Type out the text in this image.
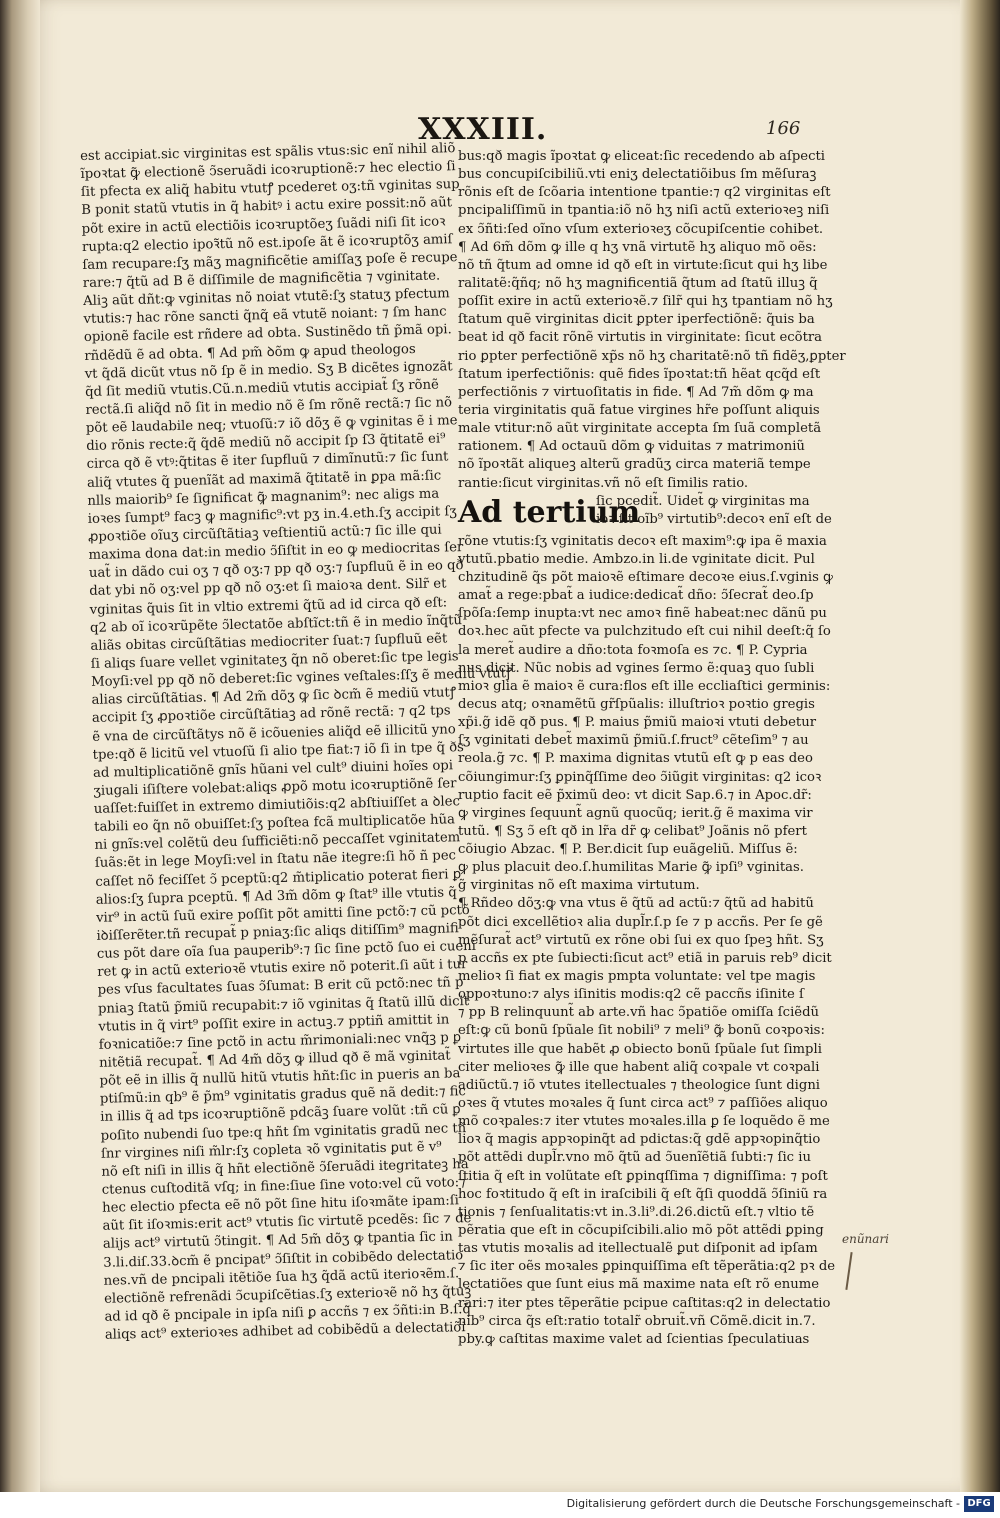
XXXIII.	166
est accipiat.sic virginitas est spãlis vtus:sic enĩ nihil aliõ
ĩpoꝛtat ꝙ̃ electionẽ ↄ̃seruãdi icoꝛruptionẽ:⁊ hec electio ſi
ſit pfecta ex aliq̃ habitu vtutꝭ pcederet oʒ:tñ vginitas sup
B ponit statũ vtutis in q̃ habitꝰ i actu exire possit:nõ aũt
põt exire in actũ electiõis icoꝛruptõeʒ ſuãdi niſi ſit icoꝛ
rupta:q2 electio ipoꝛ̃tũ nõ est.ipoſe ãt ẽ icoꝛruptõʒ amiſ
ſam recupare:ſʒ mãʒ magnificẽtie amiſſaʒ poſe ẽ recupe
rare:⁊ q̃tũ ad B ẽ diſſimile de magnificẽtia ⁊ vginitate.
Aliꝫ aũt dñt:ꝙ vginitas nõ noiat vtutẽ:ſʒ statuʒ pfectum
vtutis:⁊ hac rõne sancti q̃nq̃ eã vtutẽ noiant: ⁊ ſm hanc
opionẽ facile est rñdere ad obta. Sustinẽdo tñ p̃mã opi.
rñdẽdũ ẽ ad obta. ¶ Ad pm̃ ꝺõm ꝙ apud theologos
vt q̃dã dicũt vtus nõ ſp ẽ in medio. Sʒ B dicẽtes ignozãt
q̃d ſit mediũ vtutis.Cũ.n.mediũ vtutis accipiat̃ ſʒ rõnẽ
rectã.ſi aliq̃d nõ ſit in medio nõ ẽ ſm rõnẽ rectã:⁊ ſic nõ
põt eẽ laudabile neq; vtuoſũ:⁊ iõ dõʒ ẽ ꝙ vginitas ẽ i me
dio rõnis recte:q̃ q̃dẽ mediũ nõ accipit ſp ſ3 q̃titatẽ ei⁹
circa qð ẽ vtꝰ:q̃titas ẽ iter ſupfluũ ⁊ dimĩnutũ:⁊ ſic ſunt
aliq̃ vtutes q̃ puenĩãt ad maximã q̃titatẽ in ꝑpa mã:ſic
nlls maiorib⁹ ſe ſignificat ꝙ̃ magnanim⁹: nec aligs ma
ioꝛes ſumpt⁹ facꝫ ꝙ magnific⁹:vt pʒ in.4.eth.ſʒ accipit ſʒ
ꝓpoꝛtiõe oĩuʒ circũſtãtiaꝫ veſtientiũ actũ:⁊ ſic ille qui
maxima dona dat:in medio ↄ̃ſiſtit in eo ꝙ mediocritas ſer
uat̃ in dãdo cui oʒ ⁊ qð oʒ:⁊ pp qð oʒ:⁊ ſupfluũ ẽ in eo qð
dat ybi nõ oʒ:vel pp qð nõ oʒ:et ſi maioꝛa dent. Silr̃ et
vginitas q̃uis ſit in vltio extremi q̃tũ ad id circa qð eſt:
q2 ab oĩ icoꝛrũpẽte ↄ̃lectatõe abſtĩct:tñ ẽ in medio ĩnq̃tũ
aliãs obitas circũſtãtias mediocriter ſuat:⁊ ſupfluũ eẽt
ſi aliqs ſuare vellet vginitateʒ q̃n nõ oberet:ſic tpe legis
Moyſi:vel pp qð nõ deberet:ſic vgines veſtales:ſſʒ ẽ mediũ vtutꝭ
alias circũſtãtias. ¶ Ad 2m̃ dõʒ ꝙ ſic ꝺcm̃ ẽ mediũ vtutꝭ
accipit ſʒ ꝓpoꝛtiõe circũſtãtiaꝫ ad rõnẽ rectã: ⁊ q2 tps
ẽ vna de circũſtãtys nõ ẽ icõuenies aliq̃d eẽ illicitũ yno
tpe:qð ẽ licitũ vel vtuoſũ ſi alio tpe fiat:⁊ iõ ſi in tpe q̃ ðs
ad multiplicatiõnẽ gnĩs hũani vel cult⁹ diuini hoĩes opi
ʒiugali iſiſtere volebat:aliqs ꝓpõ motu icoꝛruptiõnẽ ſer
uaſſet:fuiſſet in extremo dimiutiõis:q2 abſtiuiſſet a ꝺlec
tabili eo q̃n nõ obuiſſet:ſʒ poſtea fcã multiplicatõe hũa
ni gnĩs:vel colẽtũ deu ſufficiẽti:nõ peccaſſet vginitatem
ſuãs:ẽt in lege Moyſi:vel in ſtatu nãe itegre:ſi hõ ñ pec
caſſet nõ feciſſet ↄ̃ pceptũ:q2 m̃tiplicatio poterat fieri ꝑ
alios:ſʒ ſupra pceptũ. ¶ Ad 3m̃ dõm ꝙ ſtat⁹ ille vtutis q̃
vir⁹ in actũ ſuũ exire poſſit põt amitti ſine pctõ:⁊ cũ pctõ
iꝺiſſerẽter.tñ recupat̃ p pniaʒ:ſic aliqs ditiſſim⁹ magnifi
cus põt dare oĩa ſua pauperib⁹:⁊ ſic ſine pctõ ſuo ei cueni
ret ꝙ in actũ exterioꝛẽ vtutis exire nõ poterit.ſi aũt i tur
pes vſus facultates ſuas ↄ̃ſumat: B erit cũ pctõ:nec tñ p
pniaꝫ ſtatũ p̃miũ recupabit:⁊ iõ vginitas q̃ ſtatũ illũ dicit
vtutis in q̃ virt⁹ poſſit exire in actuꝫ.⁊ pptiñ amittit in
foꝛnicatiõe:⁊ ſine pctõ in actu m̃rimoniali:nec vnq̃ꝫ p ꝑ
nitẽtiã recupat̃. ¶ Ad 4m̃ dõʒ ꝙ illud qð ẽ mã vginitat̃
põt eẽ in illis q̃ nullũ hitũ vtutis hñt:ſic in pueris an ba
ptiſmũ:in qb⁹ ẽ p̃m⁹ vginitatis gradus quẽ nã dedit:⁊ fic
in illis q̃ ad tps icoꝛruptiõnẽ pdcãꝫ ſuare volũt :tñ cũ ꝑ
poſito nubendi ſuo tpe:q hñt ſm vginitatis gradũ nec tñ
ſnr virgines niſi m̃lr:ſʒ copleta ꝛõ vginitatis ꝑut ẽ v⁹
nõ eſt niſi in illis q̃ hñt electiõnẽ ↄ̃ſeruãdi itegritateꝫ ha
ctenus cuſtoditã vſq; in fine:ſiue ſine voto:vel cũ voto:⁊
hec electio pfecta eẽ nõ põt ſine hitu iſoꝛmãte ipam:ſi
aũt ſit iſoꝛmis:erit act⁹ vtutis ſic virtutẽ pcedẽs: ſic ⁊ de
alijs act⁹ virtutũ ↄ̃tingit. ¶ Ad 5m̃ dõʒ ꝙ tpantia ſic in
3.li.diſ.33.ꝺcm̃ ẽ pncipat⁹ ↄ̃ſiſtit in cobibẽdo delectatio
nes.vñ de pncipali itẽtiõe ſua hʒ q̃dã actũ iterioꝛẽm.ſ.
electiõnẽ refrenãdi ↄ̃cupiſcẽtias.ſʒ exterioꝛẽ nõ hʒ q̃tuꝫ
ad id qð ẽ pncipale in ipſa niſi ꝑ accñs ⁊ ex ↄ̃ñti:in B.ſ.q̃
aliqs act⁹ exterioꝛes adhibet ad cobibẽdũ a delectatiõi
bus:qð magis ĩpoꝛtat ꝙ eliceat:ſic recedendo ab aſpecti
bus concupiſcibiliũ.vti eniʒ delectatiõibus ſm mẽſuraꝫ
rõnis eſt de ſcõaria intentione tpantie:⁊ q2 virginitas eſt
pncipaliſſimũ in tpantia:iõ nõ hʒ niſi actũ exterioꝛeꝫ niſi
ex ↄ̃ñti:ſed oĩno vſum exterioꝛeʒ cõcupiſcentie cohibet.
¶ Ad 6m̃ dõm ꝙ ille q hʒ vnã virtutẽ hʒ aliquo mõ oẽs:
nõ tñ q̃tum ad omne id qð eſt in virtute:ſicut qui hʒ libe
ralitatẽ:q̃ñq; nõ hʒ magnificentiã q̃tum ad ſtatũ illuꝫ q̃
poſſit exire in actũ exterioꝛẽ.⁊ ſilr̃ qui hʒ tpantiam nõ hʒ
ſtatum quẽ virginitas dicit ꝑpter iperfectiõnẽ: q̃uis ba
beat id qð facit rõnẽ virtutis in virginitate: ſicut ecõtra
rio ꝑpter perfectiõnẽ xp̃s nõ hʒ charitatẽ:nõ tñ fidẽʒ,ꝑpter
ſtatum iperfectiõnis: quẽ fides ĩpoꝛtat:tñ hẽat qcq̃d eſt
perfectiõnis ⁊ virtuoſitatis in fide. ¶ Ad 7m̃ dõm ꝙ ma
teria virginitatis quã fatue virgines hr̃e poſſunt aliquis
male vtitur:nõ aũt virginitate accepta ſm ſuã completã
rationem. ¶ Ad octauũ dõm ꝙ viduitas ⁊ matrimoniũ
nõ ĩpoꝛtãt aliqueꝫ alterũ gradũʒ circa materiã tempe
rantie:ſicut virginitas.vñ nõ eſt ſimilis ratio.
Ad tertium
ſic pcedit̃. Uidet̃ ꝙ virginitas ma
ioꝛ ſit oĩb⁹ virtutib⁹:decoꝛ enĩ eſt de
rõne vtutis:ſʒ vginitatis decoꝛ eſt maxim⁹:ꝙ ipa ẽ maxia
vtutũ.pbatio medie. Ambzo.in li.de vginitate dicit. Pul
chzitudinẽ q̃s põt maioꝛẽ eſtimare decoꝛe eius.ſ.vginis ꝙ
amat̃ a rege:pbat̃ a iudice:dedicat̃ dño: ↄ̃ſecrat̃ deo.ſp
ſpõſa:ſemp inupta:vt nec amoꝛ finẽ habeat:nec dãnũ pu
doꝛ.hec aũt pfecte va pulchzitudo eſt cui nihil deeſt:q̃ ſo
la meret̃ audire a dño:tota foꝛmoſa es ⁊c. ¶ P. Cypria
nus dicit. Nũc nobis ad vgines ſermo ẽ:quaꝫ quo ſubli
mioꝛ glia ẽ maioꝛ ẽ cura:flos eſt ille eccliaſtici germinis:
decus atq; oꝛnamẽtũ gr̃ſpũalis: illuſtrioꝛ poꝛtio gregis
xp̃i.g̃ idẽ qð pus. ¶ P. maius p̃miũ maioꝛi vtuti debetur
ſʒ vginitati debet̃ maximũ p̃miũ.ſ.fruct⁹ cẽteſim⁹ ⁊ au
reola.g̃ ⁊c. ¶ P. maxima dignitas vtutũ eſt ꝙ p eas deo
cõiungimur:ſʒ ꝑpinq̃ſſime deo ↄ̃iũgit virginitas: q2 icoꝛ
ruptio facit eẽ p̃ximũ deo: vt dicit Sap.6.⁊ in Apoc.dr̃:
ꝙ virgines ſequunt̃ agnũ quocũq; ierit.g̃ ẽ maxima vir
tutũ. ¶ Sʒ ↄ̃ eſt qð in lr̃a dr̃ ꝙ celibat⁹ Joãnis nõ pfert
cõiugio Abzac. ¶ P. Ber.dicit ſup euãgeliũ. Miſſus ẽ:
ꝙ plus placuit deo.ſ.humilitas Marie ꝙ̃ ipſi⁹ vginitas.
g̃ virginitas nõ eſt maxima virtutum.
¶ Rñdeo dõʒ:ꝙ vna vtus ẽ q̃tũ ad actũ:⁊ q̃tũ ad habitũ
põt dici excellẽtioꝛ alia dupl̃r.ſ.p ſe ⁊ p accñs. Per ſe gẽ
mẽſurat̃ act⁹ virtutũ ex rõne obi ſui ex quo ſpeꝫ hñt. Sʒ
p accñs ex pte ſubiecti:ſicut act⁹ etiã in paruis reb⁹ dicit
melioꝛ ſi fiat ex magis pmpta voluntate: vel tpe magis
oppoꝛtuno:⁊ alys iſinitis modis:q2 cẽ paccñs iſinite ſ
⁊ pp B relinquunt̃ ab arte.vñ hac ↄ̃patiõe omiſſa ſciẽdũ
eſt:ꝙ cũ bonũ ſpũale ſit nobili⁹ ⁊ meli⁹ ꝙ̃ bonũ coꝛpoꝛis:
virtutes ille que habẽt ꝓ obiecto bonũ ſpũale ſut ſimpli
citer melioꝛes ꝙ̃ ille que habent aliq̃ coꝛpale vt coꝛpali
adiũctũ.⁊ iõ vtutes itellectuales ⁊ theologice ſunt digni
oꝛes q̃ vtutes moꝛales q̃ ſunt circa act⁹ ⁊ paſſiões aliquo
mõ coꝛpales:⁊ iter vtutes moꝛales.illa ꝑ ſe loquẽdo ẽ me
lioꝛ q̃ magis appꝛopinq̃t ad pdictas:q̃ gdẽ appꝛopinq̃tio
põt attẽdi dupl̃r.vno mõ q̃tũ ad ↄ̃uenĩẽtiã ſubti:⁊ ſic iu
ſtitia q̃ eſt in volũtate eſt ꝑpinqſſima ⁊ digniſſima: ⁊ poſt
hoc foꝛtitudo q̃ eſt in iraſcibili q̃ eſt q̃ſi quoddã ↄ̃ſiniũ ra
tionis ⁊ ſenſualitatis:vt in.3.li⁹.di.26.dictũ eſt.⁊ vltio tẽ
pẽratia que eſt in cõcupiſcibili.alio mõ põt attẽdi ꝑping
tas vtutis moꝛalis ad itellectualẽ ꝑut diſponit ad ipſam
⁊ ſic iter oẽs moꝛales ꝑpinquiſſima eſt tẽperãtia:q2 pꝛ de
lectatiões que ſunt eius mã maxime nata eſt rõ enume
rari:⁊ iter ptes tẽperãtie pcipue caſtitas:q2 in delectatio
nib⁹ circa q̃s eſt:ratio totalr̃ obruit̃.vñ Cõmẽ.dicit in.7.
pby.ꝙ caſtitas maxime valet ad ſcientias ſpeculatiuas
enũnari
Digitalisierung gefördert durch die Deutsche Forschungsgemeinschaft - DFG
